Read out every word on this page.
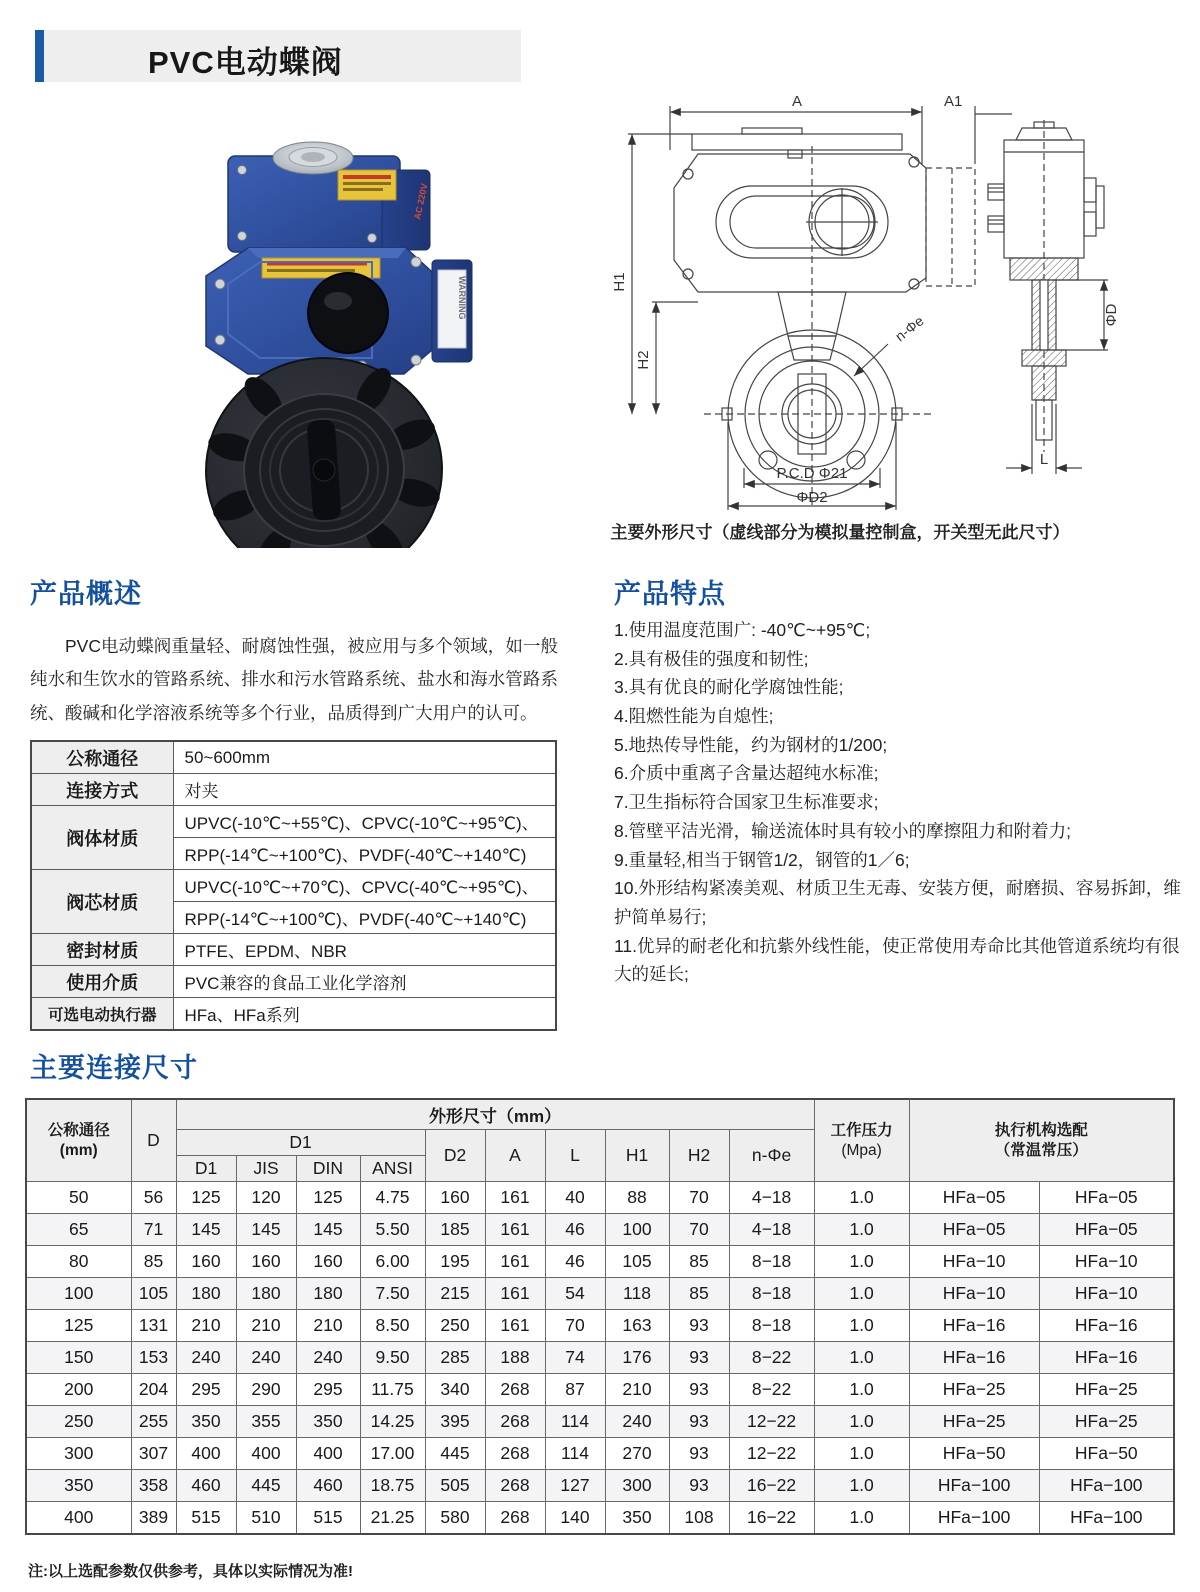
PVC电动蝶阀
AC 220V
WARNING
A	A1
H1
H2
n-Φe
P.C.D Φ21
ΦD2
ΦD
L
主要外形尺寸（虚线部分为模拟量控制盒，开关型无此尺寸）
产品概述

PVC电动蝶阀重量轻、耐腐蚀性强，被应用与多个领域，如一般纯水和生饮水的管路系统、排水和污水管路系统、盐水和海水管路系统、酸碱和化学溶液系统等多个行业，品质得到广大用户的认可。

公称通径	50~600mm
连接方式	对夹
阀体材质	UPVC(-10℃~+55℃)、CPVC(-10℃~+95℃)、
	RPP(-14℃~+100℃)、PVDF(-40℃~+140℃)
阀芯材质	UPVC(-10℃~+70℃)、CPVC(-40℃~+95℃)、
	RPP(-14℃~+100℃)、PVDF(-40℃~+140℃)
密封材质	PTFE、EPDM、NBR
使用介质	PVC兼容的食品工业化学溶剂
可选电动执行器	HFa、HFa系列
产品特点
1.使用温度范围广: -40℃~+95℃;
2.具有极佳的强度和韧性;
3.具有优良的耐化学腐蚀性能;
4.阻燃性能为自熄性;
5.地热传导性能，约为钢材的1/200;
6.介质中重离子含量达超纯水标准;
7.卫生指标符合国家卫生标准要求;
8.管壁平洁光滑，输送流体时具有较小的摩擦阻力和附着力;
9.重量轻,相当于钢管1/2，钢管的1／6;
10.外形结构紧凑美观、材质卫生无毒、安装方便，耐磨损、容易拆卸，维护简单易行;
11.优异的耐老化和抗紫外线性能，使正常使用寿命比其他管道系统均有很大的延长;
主要连接尺寸
公称通径
(mm)	D	外形尺寸（mm）										工作压力
(Mpa)	执行机构选配
（常温常压）	

		D1				D2	A	L	H1	H2	n-Φe			
		D1	JIS	DIN	ANSI									
50	56	125	120	125	4.75	160	161	40	88	70	4−18	1.0	HFa−05	HFa−05
65	71	145	145	145	5.50	185	161	46	100	70	4−18	1.0	HFa−05	HFa−05
80	85	160	160	160	6.00	195	161	46	105	85	8−18	1.0	HFa−10	HFa−10
100	105	180	180	180	7.50	215	161	54	118	85	8−18	1.0	HFa−10	HFa−10
125	131	210	210	210	8.50	250	161	70	163	93	8−18	1.0	HFa−16	HFa−16
150	153	240	240	240	9.50	285	188	74	176	93	8−22	1.0	HFa−16	HFa−16
200	204	295	290	295	11.75	340	268	87	210	93	8−22	1.0	HFa−25	HFa−25
250	255	350	355	350	14.25	395	268	114	240	93	12−22	1.0	HFa−25	HFa−25
300	307	400	400	400	17.00	445	268	114	270	93	12−22	1.0	HFa−50	HFa−50
350	358	460	445	460	18.75	505	268	127	300	93	16−22	1.0	HFa−100	HFa−100
400	389	515	510	515	21.25	580	268	140	350	108	16−22	1.0	HFa−100	HFa−100
注:以上选配参数仅供参考，具体以实际情况为准!
